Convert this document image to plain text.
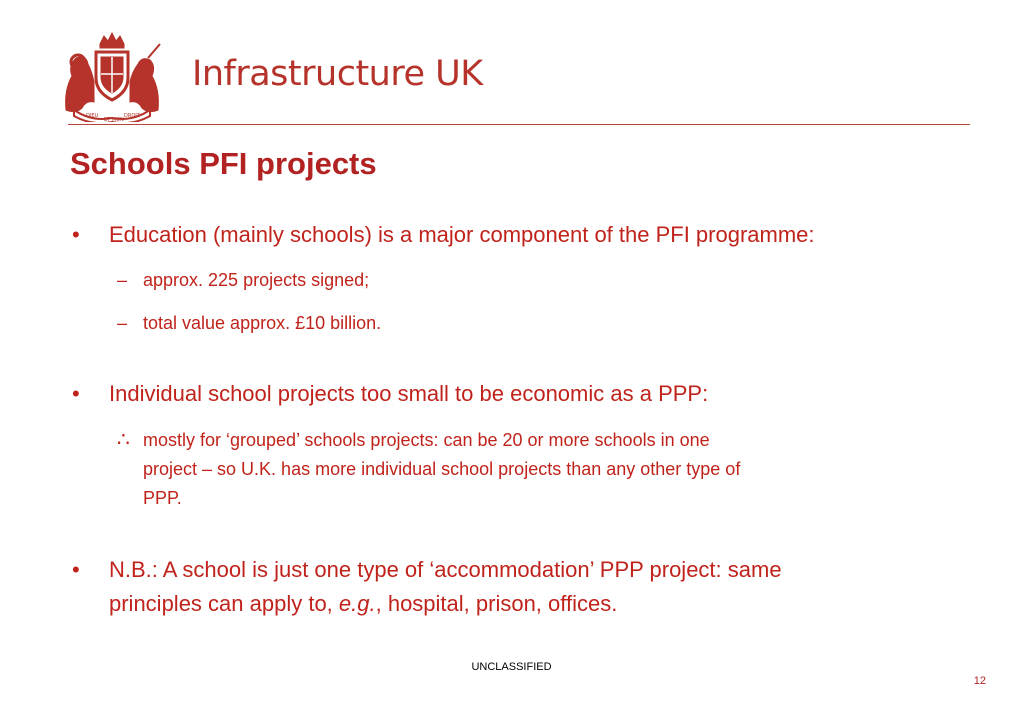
DIEU
ET MON
DROIT
Infrastructure UK
Schools PFI projects
• Education (mainly schools) is a major component of the PFI programme:
– approx. 225 projects signed;
– total value approx. £10 billion.
• Individual school projects too small to be economic as a PPP:
∴ mostly for ‘grouped’ schools projects: can be 20 or more schools in one
project – so U.K. has more individual school projects than any other type of
PPP.
• N.B.: A school is just one type of ‘accommodation’ PPP project: same
principles can apply to, e.g., hospital, prison, offices.
UNCLASSIFIED
12
